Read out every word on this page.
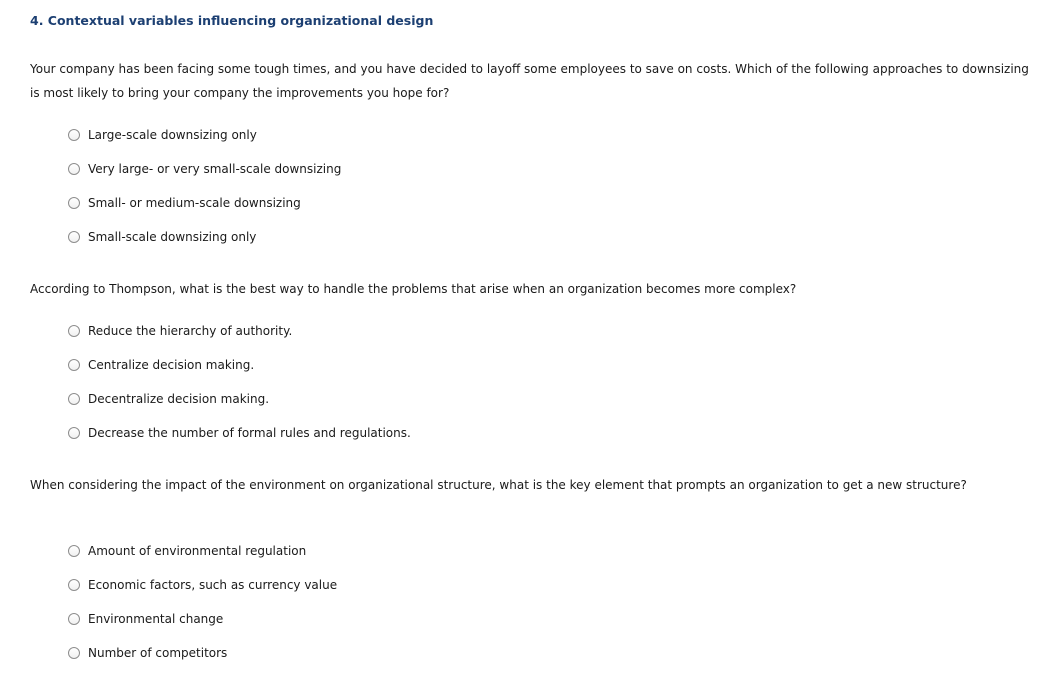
4. Contextual variables influencing organizational design
Your company has been facing some tough times, and you have decided to layoff some employees to save on costs. Which of the following approaches to downsizing is most likely to bring your company the improvements you hope for?
Large-scale downsizing only
Very large- or very small-scale downsizing
Small- or medium-scale downsizing
Small-scale downsizing only
According to Thompson, what is the best way to handle the problems that arise when an organization becomes more complex?
Reduce the hierarchy of authority.
Centralize decision making.
Decentralize decision making.
Decrease the number of formal rules and regulations.
When considering the impact of the environment on organizational structure, what is the key element that prompts an organization to get a new structure?
Amount of environmental regulation
Economic factors, such as currency value
Environmental change
Number of competitors
